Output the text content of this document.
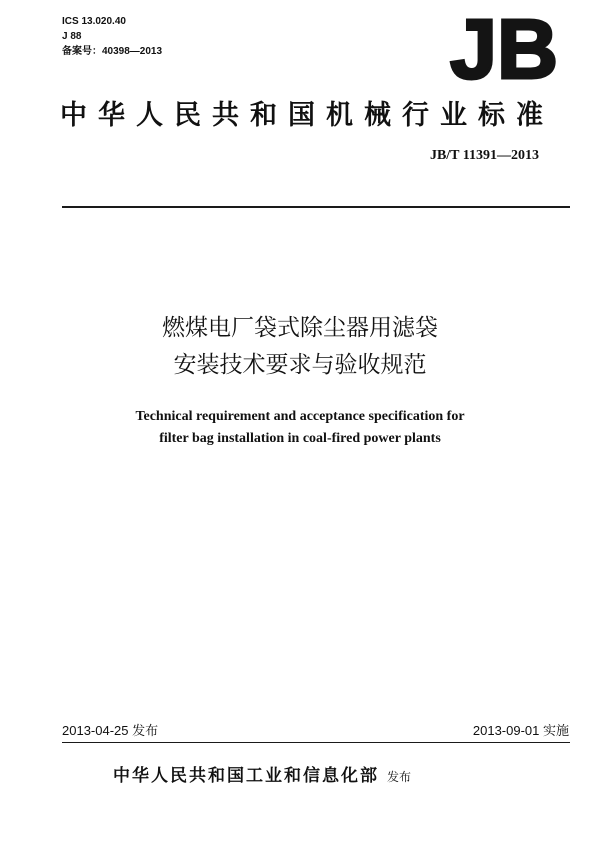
ICS 13.020.40
J 88
备案号：40398—2013	JB
中华人民共和国机械行业标准
JB/T 11391—2013
燃煤电厂袋式除尘器用滤袋
安装技术要求与验收规范
Technical requirement and acceptance specification for
filter bag installation in coal-fired power plants
2013-04-25 发布	2013-09-01 实施
中华人民共和国工业和信息化部 发布
